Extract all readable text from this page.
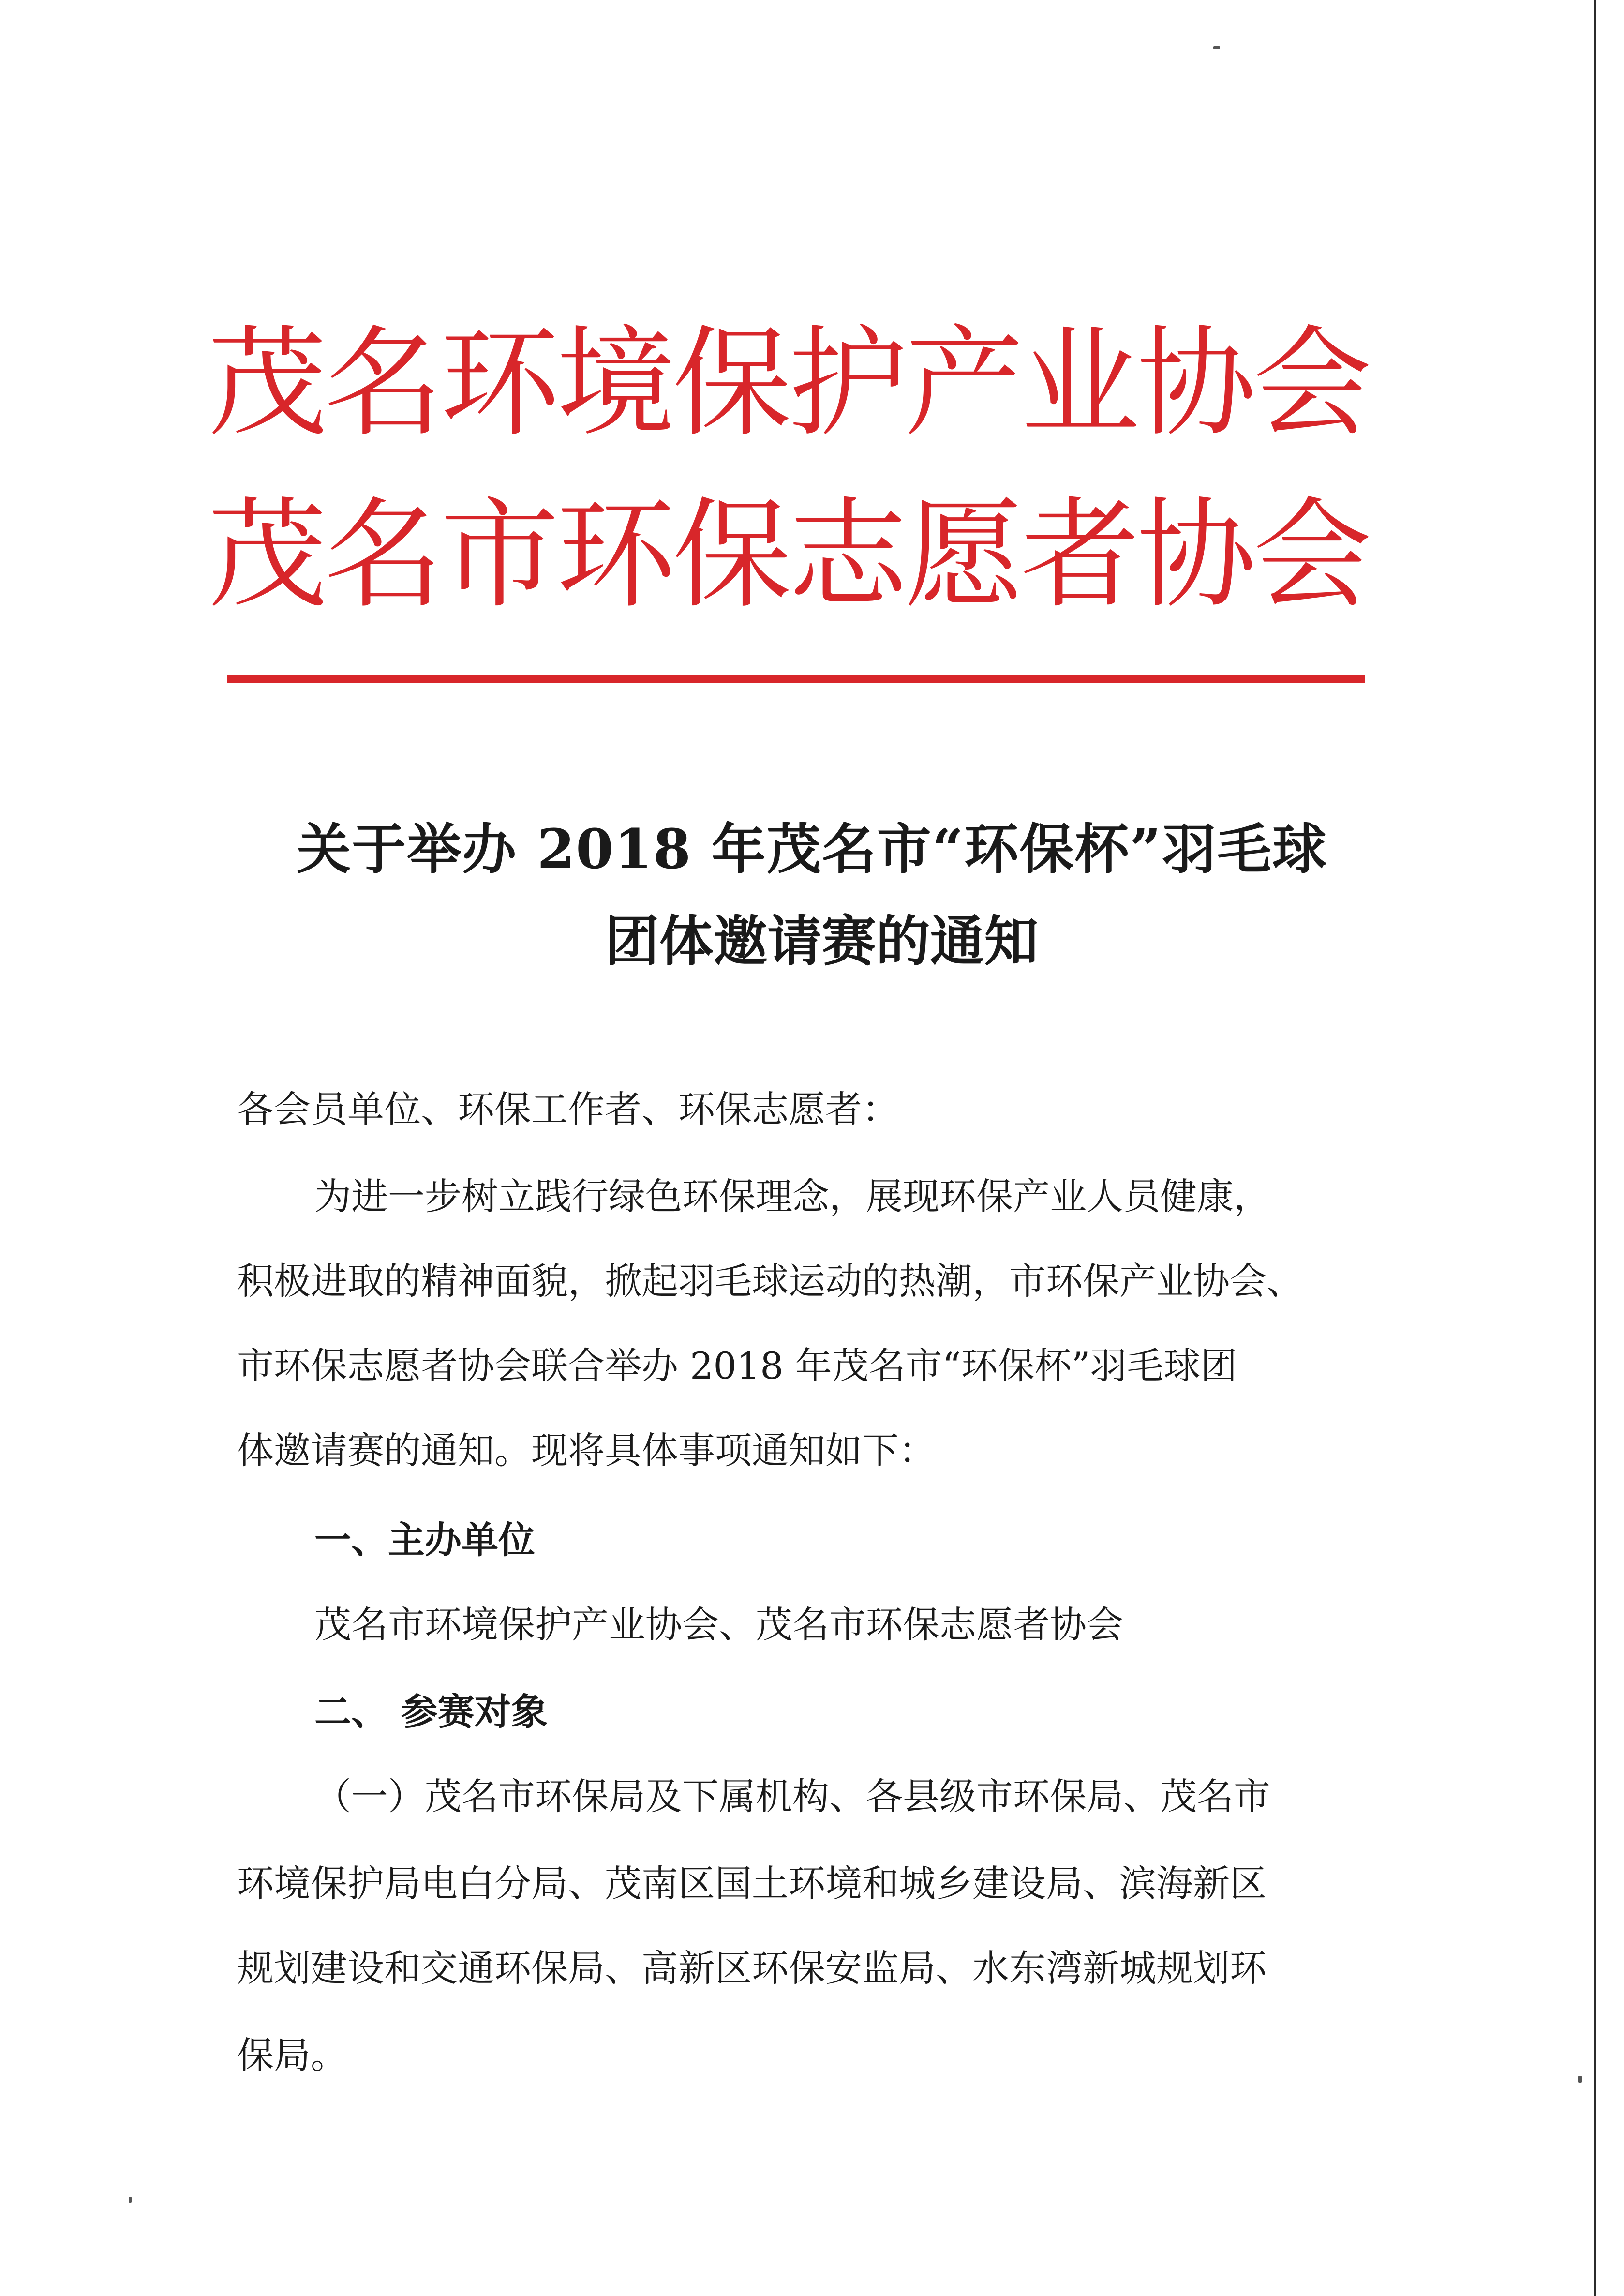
茂名环境保护产业协会
茂名市环保志愿者协会
关于举办 2018 年茂名市“环保杯”羽毛球
团体邀请赛的通知
各会员单位、环保工作者、环保志愿者：
为进一步树立践行绿色环保理念，展现环保产业人员健康，
积极进取的精神面貌，掀起羽毛球运动的热潮，市环保产业协会、
市环保志愿者协会联合举办 2018 年茂名市“环保杯”羽毛球团
体邀请赛的通知。现将具体事项通知如下：
一、主办单位
茂名市环境保护产业协会、茂名市环保志愿者协会
二、 参赛对象
（一）茂名市环保局及下属机构、各县级市环保局、茂名市
环境保护局电白分局、茂南区国土环境和城乡建设局、滨海新区
规划建设和交通环保局、高新区环保安监局、水东湾新城规划环
保局。
